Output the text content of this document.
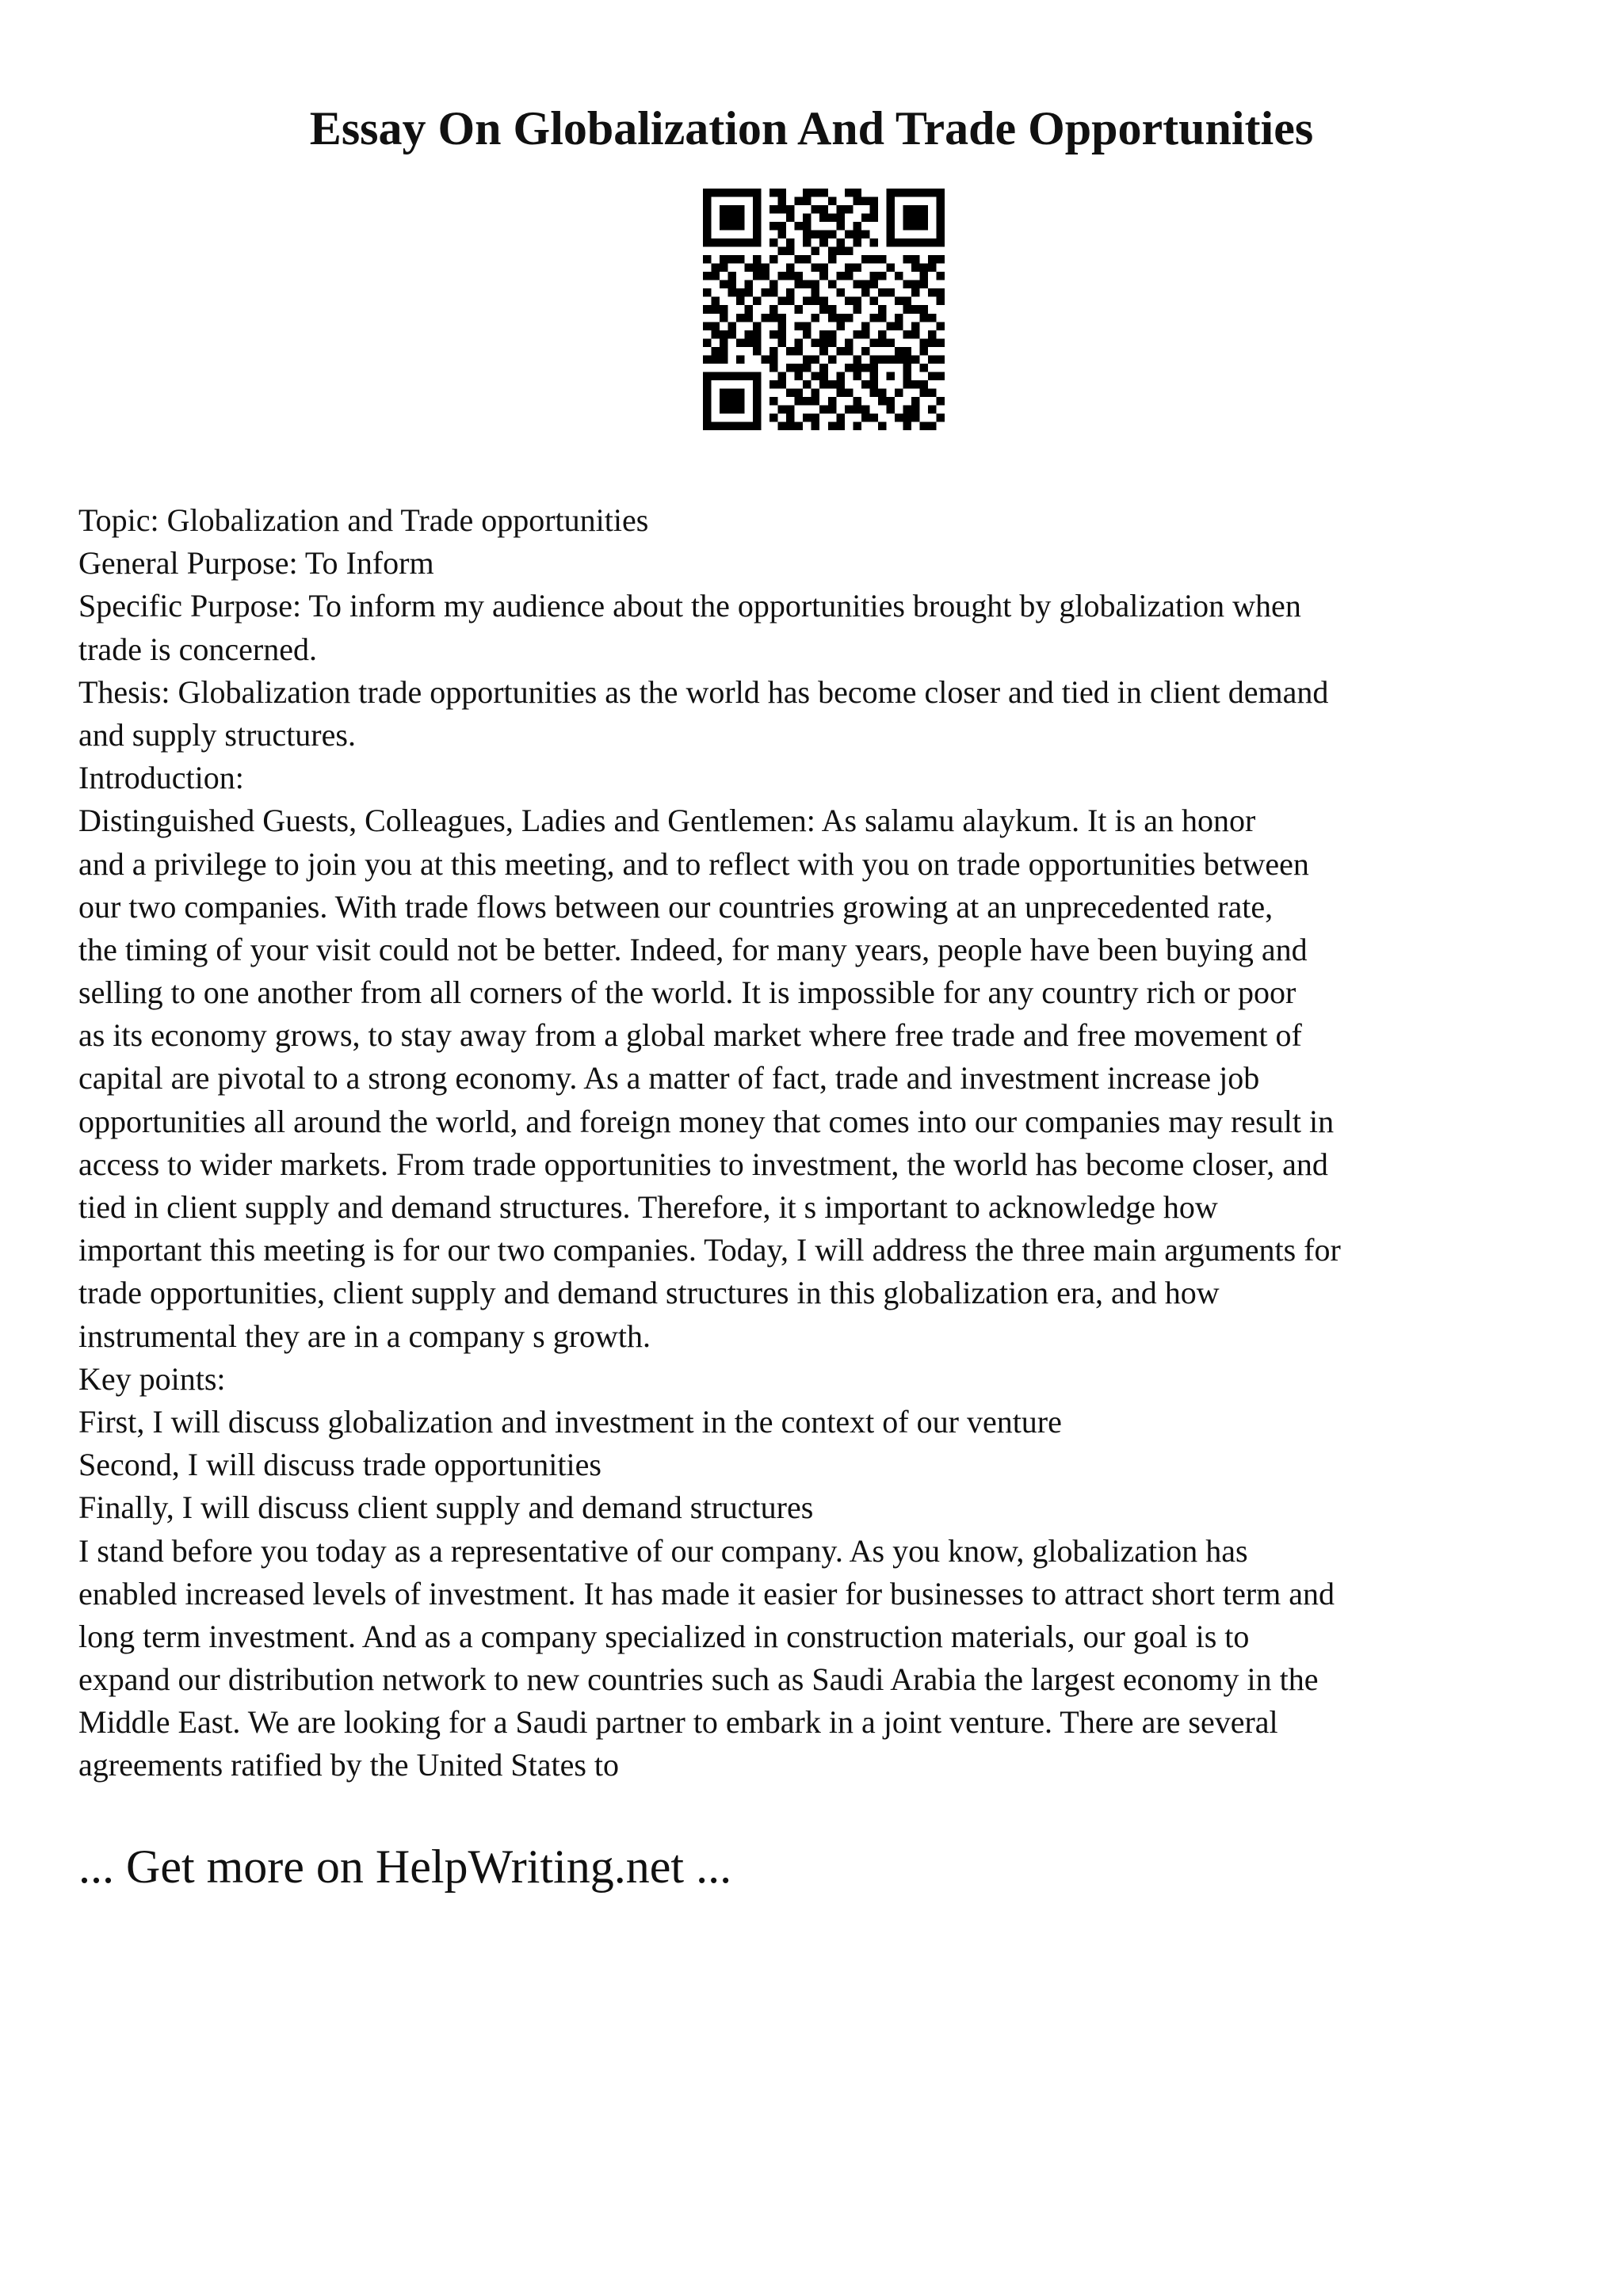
Essay On Globalization And Trade Opportunities

Topic: Globalization and Trade opportunities

General Purpose: To Inform

Specific Purpose: To inform my audience about the opportunities brought by globalization when

trade is concerned.

Thesis: Globalization trade opportunities as the world has become closer and tied in client demand

and supply structures.

Introduction:

Distinguished Guests, Colleagues, Ladies and Gentlemen: As salamu alaykum. It is an honor

and a privilege to join you at this meeting, and to reflect with you on trade opportunities between

our two companies. With trade flows between our countries growing at an unprecedented rate,

the timing of your visit could not be better. Indeed, for many years, people have been buying and

selling to one another from all corners of the world. It is impossible for any country rich or poor

as its economy grows, to stay away from a global market where free trade and free movement of

capital are pivotal to a strong economy. As a matter of fact, trade and investment increase job

opportunities all around the world, and foreign money that comes into our companies may result in

access to wider markets. From trade opportunities to investment, the world has become closer, and

tied in client supply and demand structures. Therefore, it s important to acknowledge how

important this meeting is for our two companies. Today, I will address the three main arguments for

trade opportunities, client supply and demand structures in this globalization era, and how

instrumental they are in a company s growth.

Key points:

First, I will discuss globalization and investment in the context of our venture

Second, I will discuss trade opportunities

Finally, I will discuss client supply and demand structures

I stand before you today as a representative of our company. As you know, globalization has

enabled increased levels of investment. It has made it easier for businesses to attract short term and

long term investment. And as a company specialized in construction materials, our goal is to

expand our distribution network to new countries such as Saudi Arabia the largest economy in the

Middle East. We are looking for a Saudi partner to embark in a joint venture. There are several

agreements ratified by the United States to

... Get more on HelpWriting.net ...
